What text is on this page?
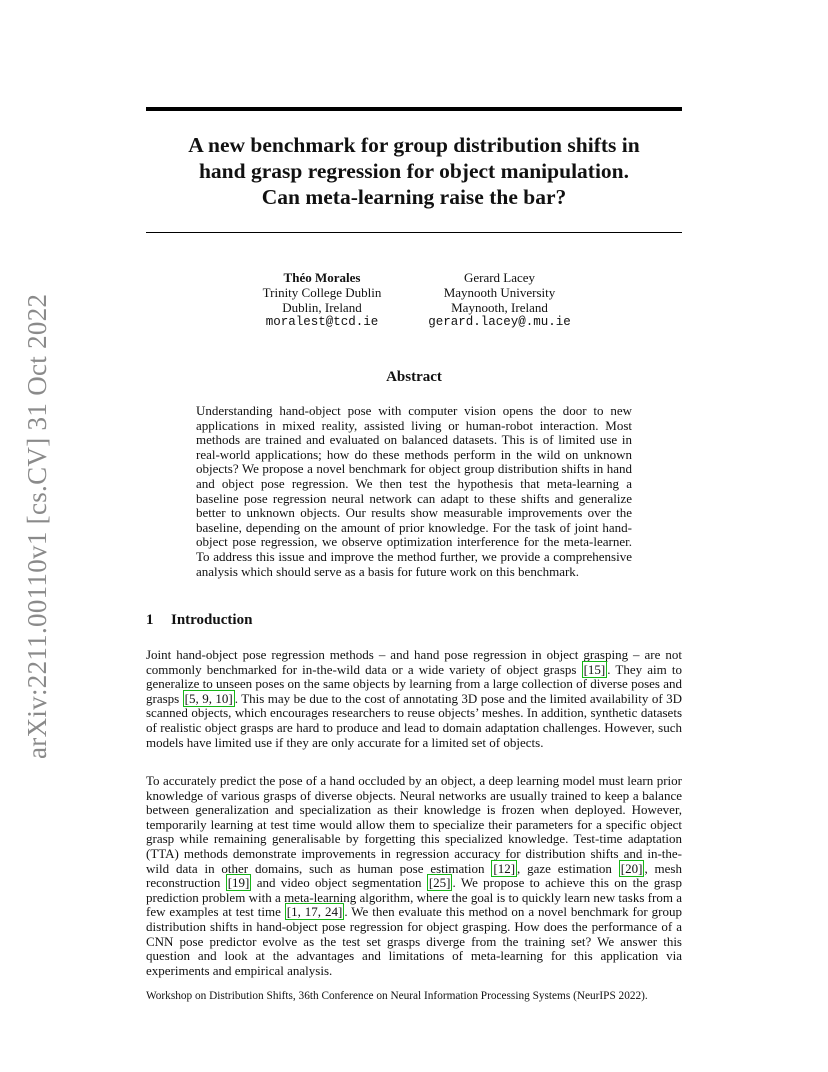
arXiv:2211.00110v1 [cs.CV] 31 Oct 2022
A new benchmark for group distribution shifts in
hand grasp regression for object manipulation.
Can meta-learning raise the bar?
Théo Morales
Trinity College Dublin
Dublin, Ireland
moralest@tcd.ie
Gerard Lacey
Maynooth University
Maynooth, Ireland
gerard.lacey@.mu.ie
Abstract
Understanding hand-object pose with computer vision opens the door to new applications in mixed reality, assisted living or human-robot interaction. Most methods are trained and evaluated on balanced datasets. This is of limited use in real-world applications; how do these methods perform in the wild on unknown objects? We propose a novel benchmark for object group distribution shifts in hand and object pose regression. We then test the hypothesis that meta-learning a baseline pose regression neural network can adapt to these shifts and generalize better to unknown objects. Our results show measurable improvements over the baseline, depending on the amount of prior knowledge. For the task of joint hand-object pose regression, we observe optimization interference for the meta-learner. To address this issue and improve the method further, we provide a comprehensive analysis which should serve as a basis for future work on this benchmark.
1 Introduction
Joint hand-object pose regression methods – and hand pose regression in object grasping – are not commonly benchmarked for in-the-wild data or a wide variety of object grasps [15] . They aim to generalize to unseen poses on the same objects by learning from a large collection of diverse poses and grasps [5, 9, 10] . This may be due to the cost of annotating 3D pose and the limited availability of 3D scanned objects, which encourages researchers to reuse objects’ meshes. In addition, synthetic datasets of realistic object grasps are hard to produce and lead to domain adaptation challenges. However, such models have limited use if they are only accurate for a limited set of objects.
To accurately predict the pose of a hand occluded by an object, a deep learning model must learn prior knowledge of various grasps of diverse objects. Neural networks are usually trained to keep a balance between generalization and specialization as their knowledge is frozen when deployed. However, temporarily learning at test time would allow them to specialize their parameters for a specific object grasp while remaining generalisable by forgetting this specialized knowledge. Test-time adaptation (TTA) methods demonstrate improvements in regression accuracy for distribution shifts and in-the-wild data in other domains, such as human pose estimation [12] , gaze estimation [20] , mesh reconstruction [19] and video object segmentation [25] . We propose to achieve this on the grasp prediction problem with a meta-learning algorithm, where the goal is to quickly learn new tasks from a few examples at test time [1, 17, 24] . We then evaluate this method on a novel benchmark for group distribution shifts in hand-object pose regression for object grasping. How does the performance of a CNN pose predictor evolve as the test set grasps diverge from the training set? We answer this question and look at the advantages and limitations of meta-learning for this application via experiments and empirical analysis.
Workshop on Distribution Shifts, 36th Conference on Neural Information Processing Systems (NeurIPS 2022).
